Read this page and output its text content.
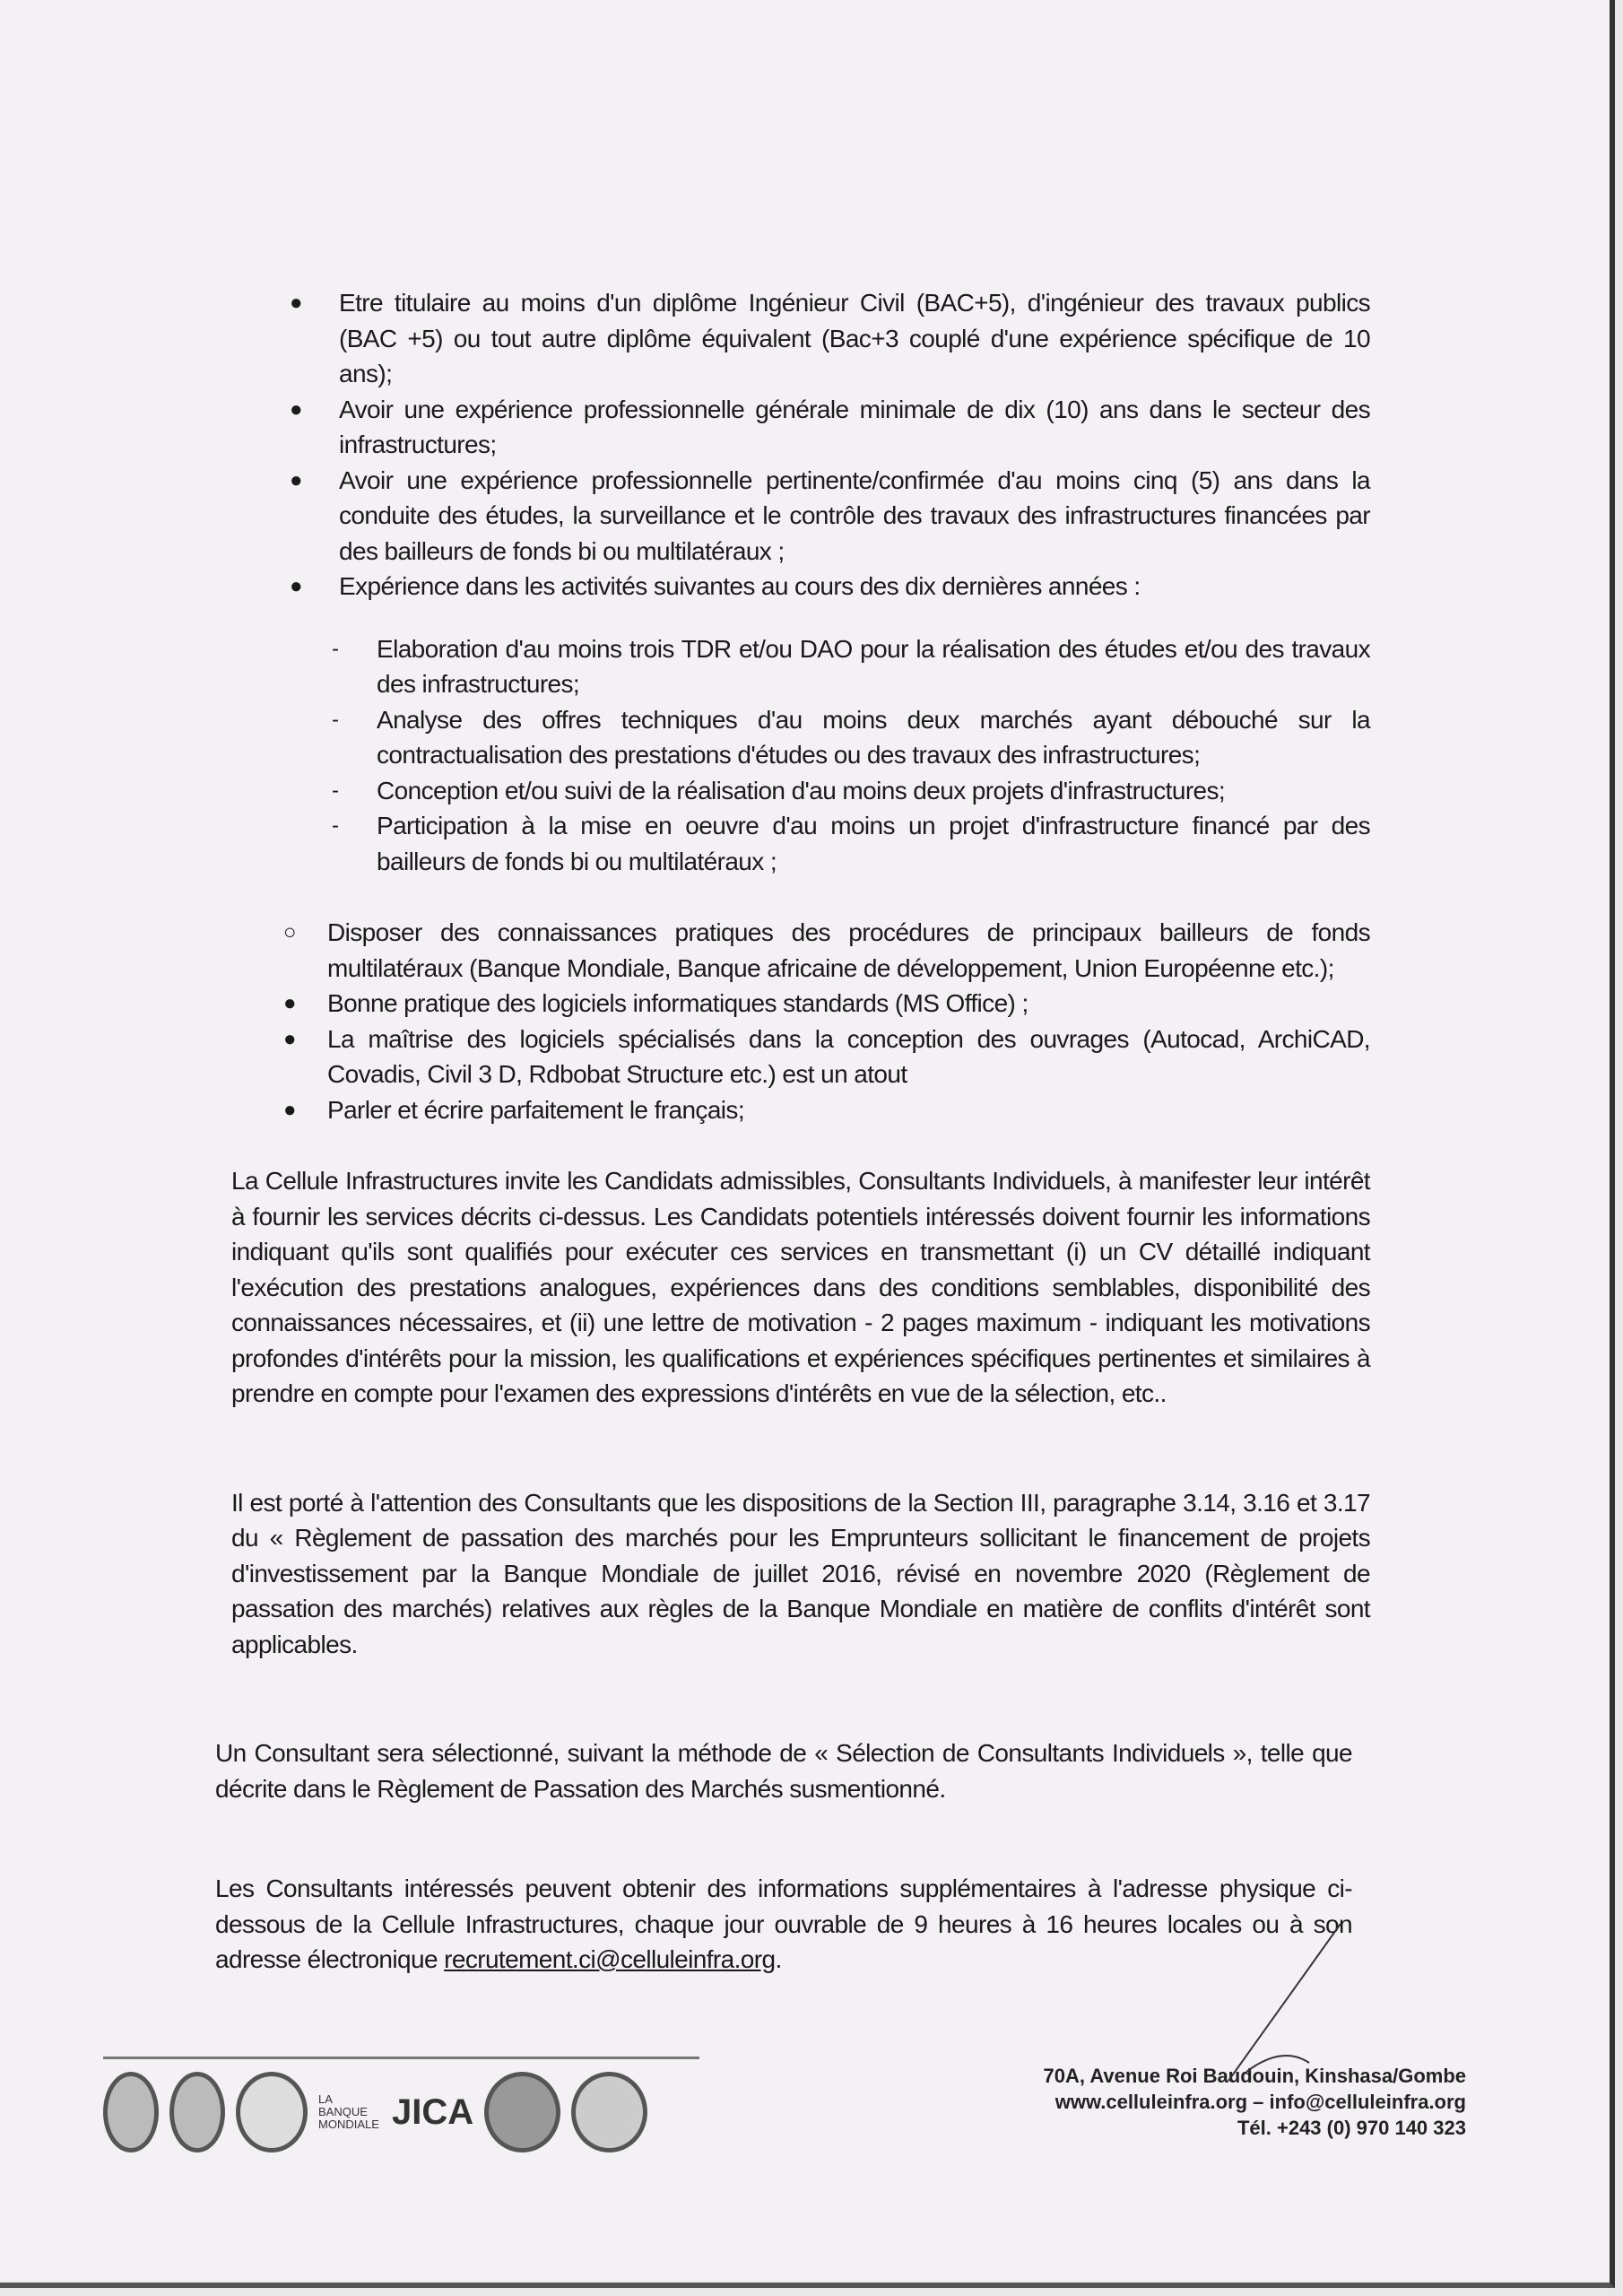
●	Etre titulaire au moins d'un diplôme Ingénieur Civil (BAC+5), d'ingénieur des travaux publics (BAC +5) ou tout autre diplôme équivalent (Bac+3 couplé d'une expérience spécifique de 10 ans);
●	Avoir une expérience professionnelle générale minimale de dix (10) ans dans le secteur des infrastructures;
●	Avoir une expérience professionnelle pertinente/confirmée d'au moins cinq (5) ans dans la conduite des études, la surveillance et le contrôle des travaux des infrastructures financées par des bailleurs de fonds bi ou multilatéraux ;
●	Expérience dans les activités suivantes au cours des dix dernières années :
-	Elaboration d'au moins trois TDR et/ou DAO pour la réalisation des études et/ou des travaux des infrastructures;
-	Analyse des offres techniques d'au moins deux marchés ayant débouché sur la contractualisation des prestations d'études ou des travaux des infrastructures;
-	Conception et/ou suivi de la réalisation d'au moins deux projets d'infrastructures;
-	Participation à la mise en oeuvre d'au moins un projet d'infrastructure financé par des bailleurs de fonds bi ou multilatéraux ;
○	Disposer des connaissances pratiques des procédures de principaux bailleurs de fonds multilatéraux (Banque Mondiale, Banque africaine de développement, Union Européenne etc.);
●	Bonne pratique des logiciels informatiques standards (MS Office) ;
●	La maîtrise des logiciels spécialisés dans la conception des ouvrages (Autocad, ArchiCAD, Covadis, Civil 3 D, Rdbobat Structure etc.) est un atout
●	Parler et écrire parfaitement le français;
La Cellule Infrastructures invite les Candidats admissibles, Consultants Individuels, à manifester leur intérêt à fournir les services décrits ci-dessus. Les Candidats potentiels intéressés doivent fournir les informations indiquant qu'ils sont qualifiés pour exécuter ces services en transmettant (i) un CV détaillé indiquant l'exécution des prestations analogues, expériences dans des conditions semblables, disponibilité des connaissances nécessaires, et (ii) une lettre de motivation - 2 pages maximum - indiquant les motivations profondes d'intérêts pour la mission, les qualifications et expériences spécifiques pertinentes et similaires à prendre en compte pour l'examen des expressions d'intérêts en vue de la sélection, etc..
Il est porté à l'attention des Consultants que les dispositions de la Section III, paragraphe 3.14, 3.16 et 3.17 du « Règlement de passation des marchés pour les Emprunteurs sollicitant le financement de projets d'investissement par la Banque Mondiale de juillet 2016, révisé en novembre 2020 (Règlement de passation des marchés) relatives aux règles de la Banque Mondiale en matière de conflits d'intérêt sont applicables.
Un Consultant sera sélectionné, suivant la méthode de « Sélection de Consultants Individuels », telle que décrite dans le Règlement de Passation des Marchés susmentionné.
Les Consultants intéressés peuvent obtenir des informations supplémentaires à l'adresse physique ci-dessous de la Cellule Infrastructures, chaque jour ouvrable de 9 heures à 16 heures locales ou à son adresse électronique recrutement.ci@celluleinfra.org.
LA BANQUE MONDIALE JICA
70A, Avenue Roi Baudouin, Kinshasa/Gombe
www.celluleinfra.org – info@celluleinfra.org
Tél. +243 (0) 970 140 323
